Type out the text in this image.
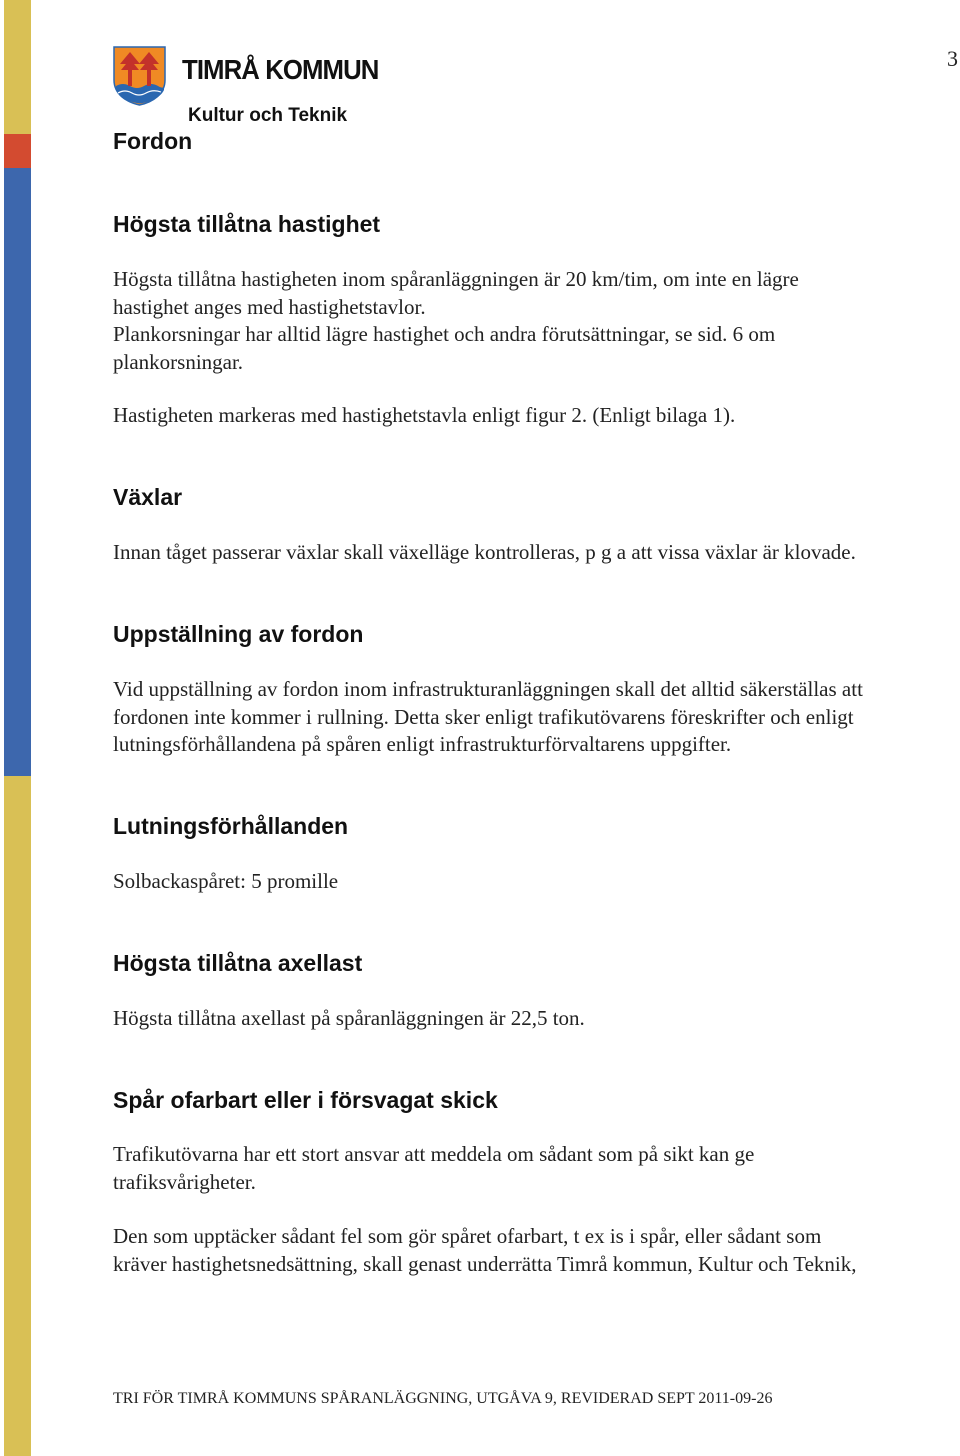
3
TIMRÅ KOMMUN
Kultur och Teknik
Fordon
Högsta tillåtna hastighet
Högsta tillåtna hastigheten inom spåranläggningen är 20 km/tim, om inte en lägre
hastighet anges med hastighetstavlor.
Plankorsningar har alltid lägre hastighet och andra förutsättningar, se sid. 6 om
plankorsningar.
Hastigheten markeras med hastighetstavla enligt figur 2. (Enligt bilaga 1).
Växlar
Innan tåget passerar växlar skall växelläge kontrolleras, p g a att vissa växlar är klovade.
Uppställning av fordon
Vid uppställning av fordon inom infrastrukturanläggningen skall det alltid säkerställas att
fordonen inte kommer i rullning. Detta sker enligt trafikutövarens föreskrifter och enligt
lutningsförhållandena på spåren enligt infrastrukturförvaltarens uppgifter.
Lutningsförhållanden
Solbackaspåret: 5 promille
Högsta tillåtna axellast
Högsta tillåtna axellast på spåranläggningen är 22,5 ton.
Spår ofarbart eller i försvagat skick
Trafikutövarna har ett stort ansvar att meddela om sådant som på sikt kan ge
trafiksvårigheter.
Den som upptäcker sådant fel som gör spåret ofarbart, t ex is i spår, eller sådant som
kräver hastighetsnedsättning, skall genast underrätta Timrå kommun, Kultur och Teknik,
TRI FÖR TIMRÅ KOMMUNS SPÅRANLÄGGNING, UTGÅVA 9, REVIDERAD SEPT 2011-09-26
